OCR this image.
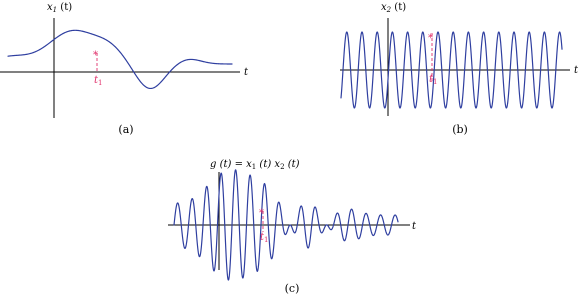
*
$x_1$ (t)
t
$t_1$
(a)
*
$x_2$ (t)
t
$t_1$
(b)
*
g $(t) = x_1$ (t) $x_2$ (t)
t
$t_1$
(c)
